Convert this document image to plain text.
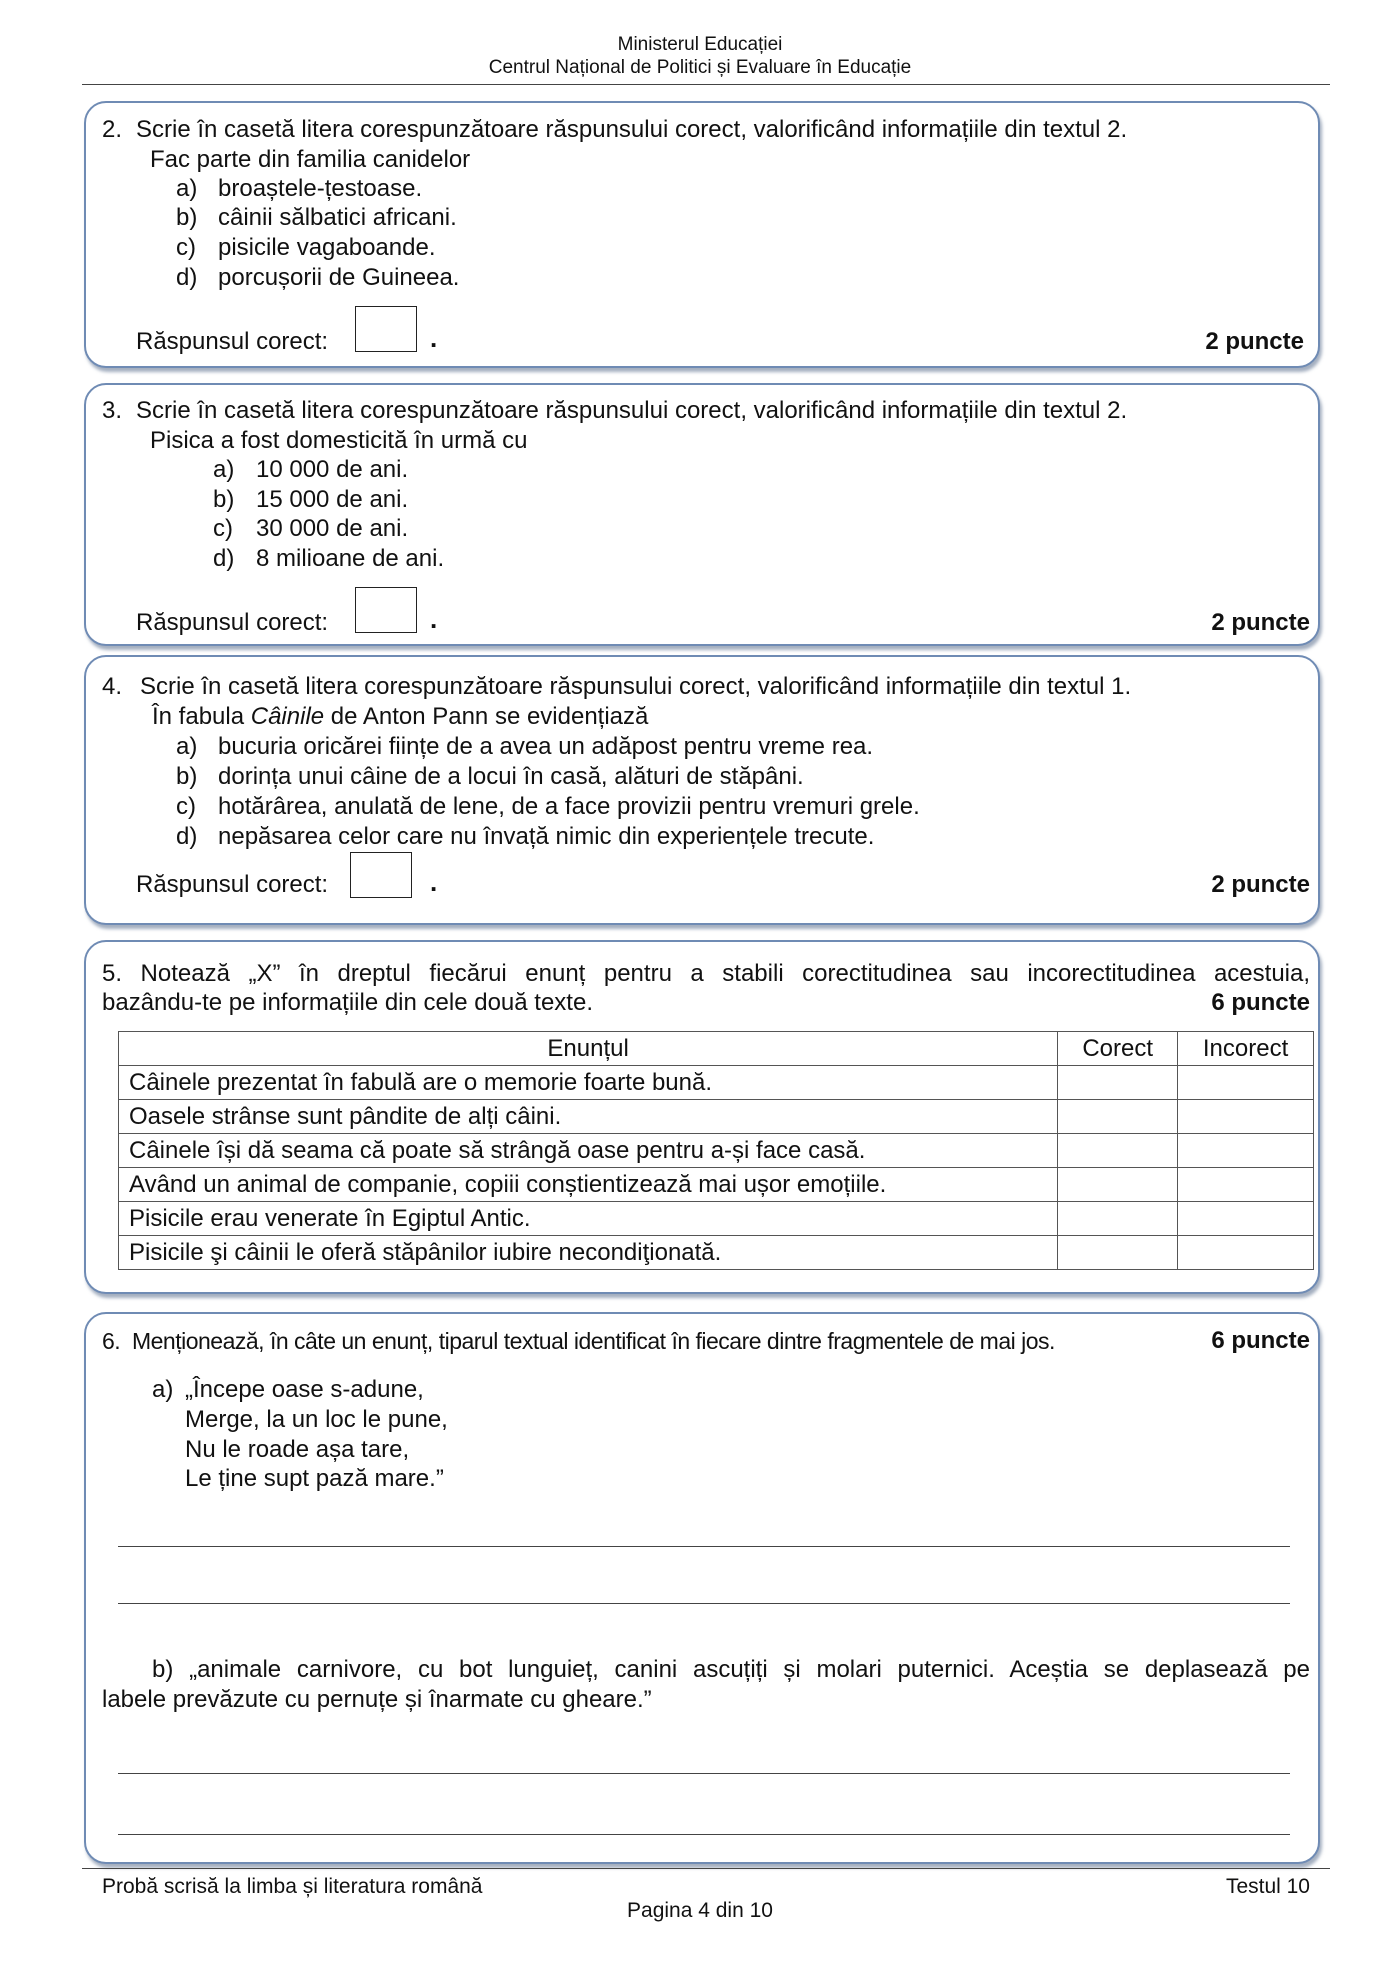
Ministerul Educației
Centrul Național de Politici și Evaluare în Educație
2. Scrie în casetă litera corespunzătoare răspunsului corect, valorificând informațiile din textul 2.
Fac parte din familia canidelor
a) broaștele-țestoase.
b) câinii sălbatici africani.
c) pisicile vagaboande.
d) porcușorii de Guineea.
Răspunsul corect:	.	2 puncte
3. Scrie în casetă litera corespunzătoare răspunsului corect, valorificând informațiile din textul 2.
Pisica a fost domesticită în urmă cu
a) 10 000 de ani.
b) 15 000 de ani.
c) 30 000 de ani.
d) 8 milioane de ani.
Răspunsul corect:	.	2 puncte
4. Scrie în casetă litera corespunzătoare răspunsului corect, valorificând informațiile din textul 1.
În fabula Câinile de Anton Pann se evidențiază
a) bucuria oricărei ființe de a avea un adăpost pentru vreme rea.
b) dorința unui câine de a locui în casă, alături de stăpâni.
c) hotărârea, anulată de lene, de a face provizii pentru vremuri grele.
d) nepăsarea celor care nu învață nimic din experiențele trecute.
Răspunsul corect:	.	2 puncte
5. Notează „X” în dreptul fiecărui enunț pentru a stabili corectitudinea sau incorectitudinea acestuia,
bazându-te pe informațiile din cele două texte.	6 puncte
Enunțul	Corect	Incorect
Câinele prezentat în fabulă are o memorie foarte bună.		
Oasele strânse sunt pândite de alți câini.		
Câinele își dă seama că poate să strângă oase pentru a-și face casă.		
Având un animal de companie, copiii conștientizează mai ușor emoțiile.		
Pisicile erau venerate în Egiptul Antic.		
Pisicile şi câinii le oferă stăpânilor iubire necondiţionată.		
6. Menționează, în câte un enunț, tiparul textual identificat în fiecare dintre fragmentele de mai jos.	6 puncte
a) „Începe oase s-adune,
Merge, la un loc le pune,
Nu le roade așa tare,
Le ține supt pază mare.”
b) „animale carnivore, cu bot lunguieț, canini ascuțiți și molari puternici. Aceștia se deplasează pe
labele prevăzute cu pernuțe și înarmate cu gheare.”
Probă scrisă la limba și literatura română	Testul 10
Pagina 4 din 10
